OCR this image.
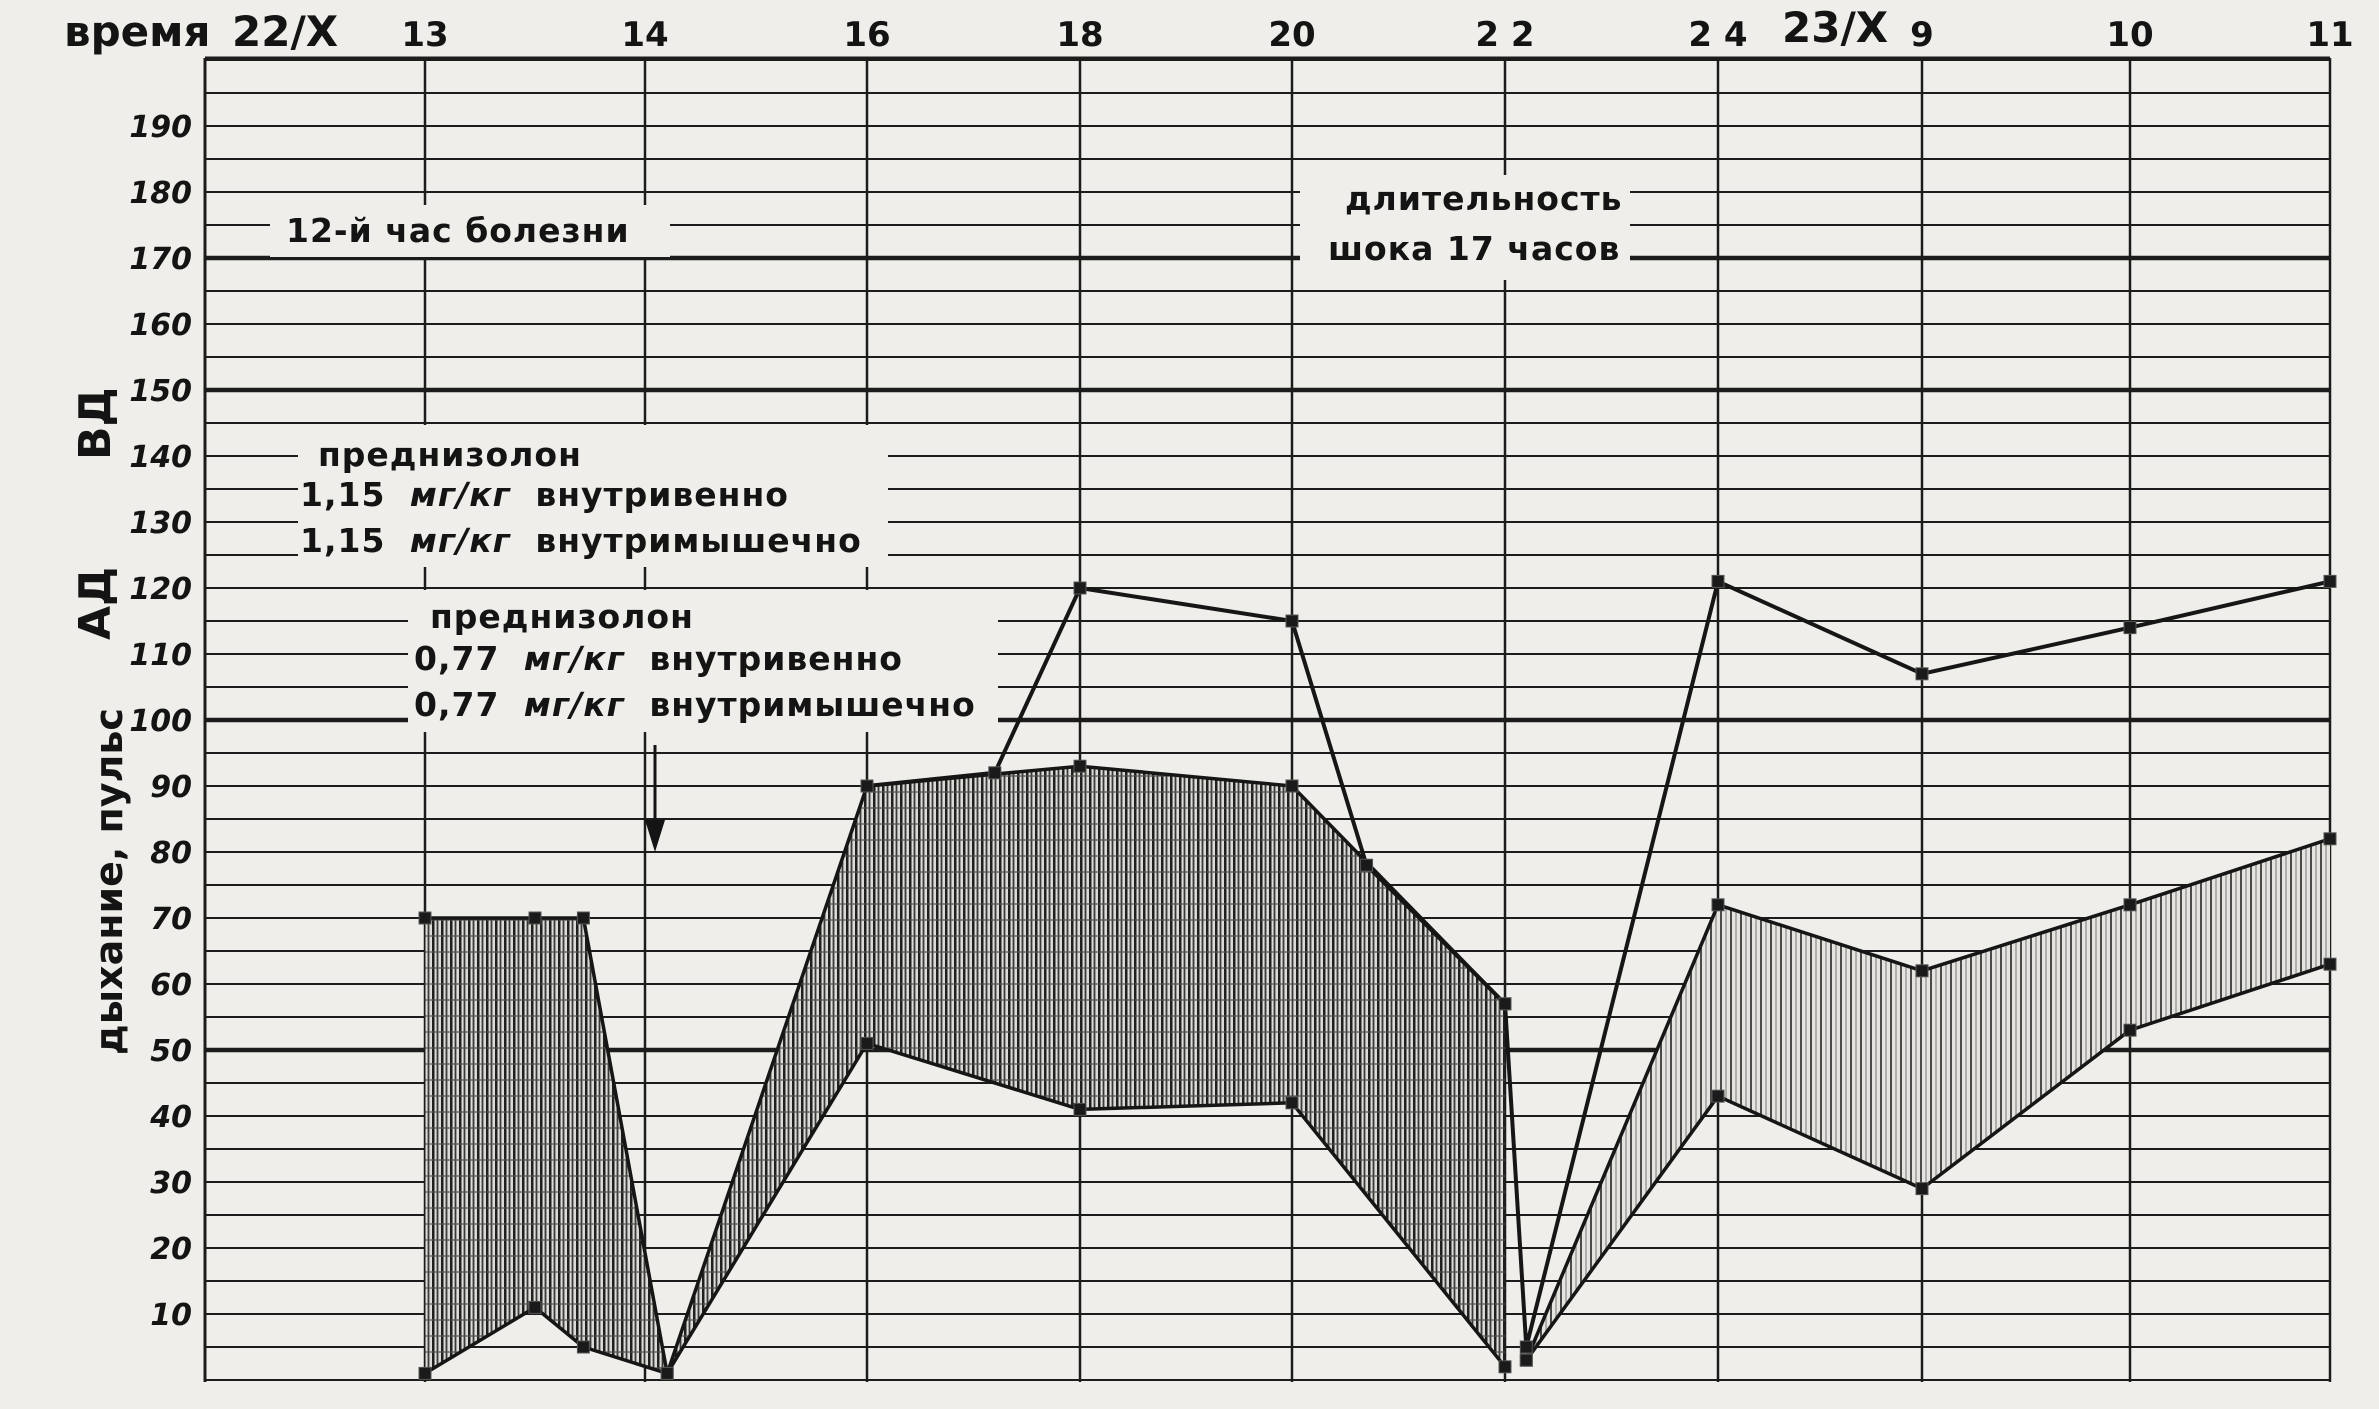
время 22/X	23/X
13	14	16	18	20	2 2	2 4	9	10	11
10
20
30
40
50
60
70
80
90
100
110
120
130
140
150
160
170
180
190
ВД
АД
дыхание, пульс
12-й час болезни
длительность
шока 17 часов
преднизолон
1,15 мг/кг внутривенно
1,15 мг/кг внутримышечно
преднизолон
0,77 мг/кг внутривенно
0,77 мг/кг внутримышечно
